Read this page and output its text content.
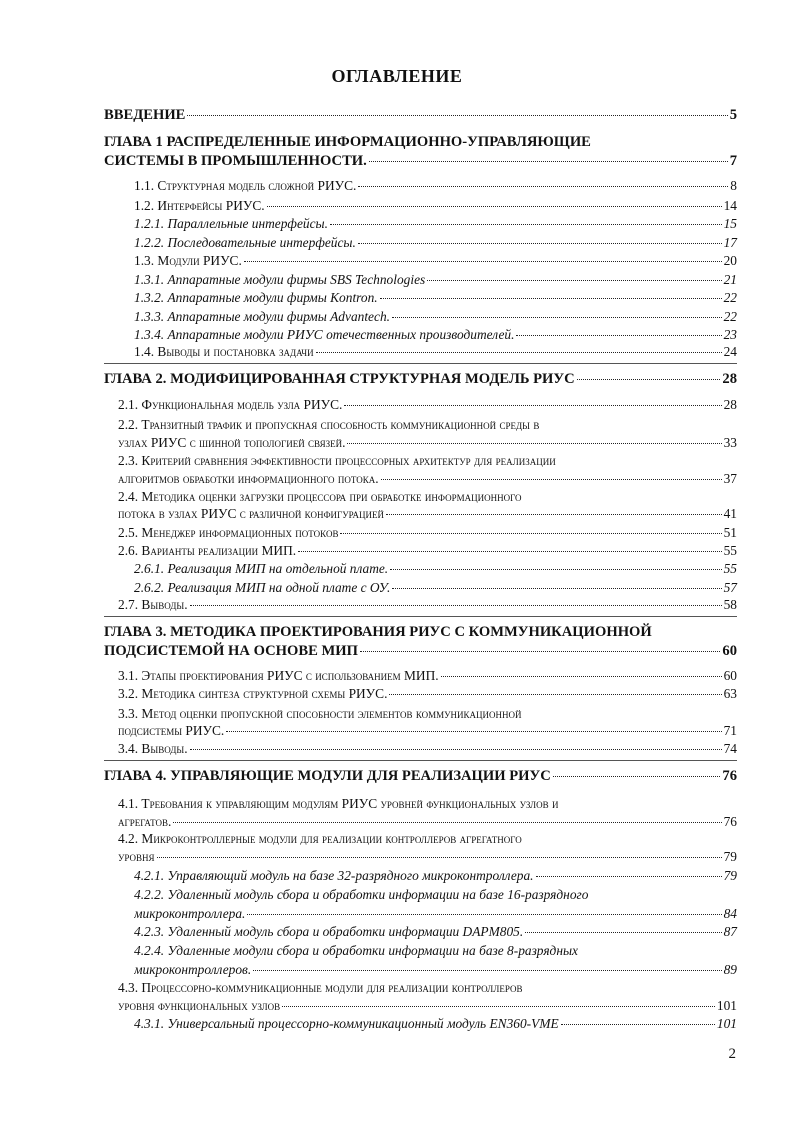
ОГЛАВЛЕНИЕ
ВВЕДЕНИЕ	5
ГЛАВА 1 РАСПРЕДЕЛЕННЫЕ ИНФОРМАЦИОННО-УПРАВЛЯЮЩИЕ
СИСТЕМЫ В ПРОМЫШЛЕННОСТИ.	7
1.1. Структурная модель сложной РИУС.	8
1.2. Интерфейсы РИУС.	14
1.2.1. Параллельные интерфейсы.	15
1.2.2. Последовательные интерфейсы.	17
1.3. Модули РИУС.	20
1.3.1. Аппаратные модули фирмы SBS Technologies	21
1.3.2. Аппаратные модули фирмы Kontron.	22
1.3.3. Аппаратные модули фирмы Advantech.	22
1.3.4. Аппаратные модули РИУС отечественных производителей.	23
1.4. Выводы и постановка задачи	24
ГЛАВА 2. МОДИФИЦИРОВАННАЯ СТРУКТУРНАЯ МОДЕЛЬ РИУС	28
2.1. Функциональная модель узла РИУС.	28
2.2. Транзитный трафик и пропускная способность коммуникационной среды в
узлах РИУС с шинной топологией связей.	33
2.3. Критерий сравнения эффективности процессорных архитектур для реализации
алгоритмов обработки информационного потока.	37
2.4. Методика оценки загрузки процессора при обработке информационного
потока в узлах РИУС с различной конфигурацией	41
2.5. Менеджер информационных потоков	51
2.6. Варианты реализации МИП.	55
2.6.1. Реализация МИП на отдельной плате.	55
2.6.2. Реализация МИП на одной плате с ОУ.	57
2.7. Выводы.	58
ГЛАВА 3. МЕТОДИКА ПРОЕКТИРОВАНИЯ РИУС С КОММУНИКАЦИОННОЙ
ПОДСИСТЕМОЙ НА ОСНОВЕ МИП	60
3.1. Этапы проектирования РИУС с использованием МИП.	60
3.2. Методика синтеза структурной схемы РИУС.	63
3.3. Метод оценки пропускной способности элементов коммуникационной
подсистемы РИУС.	71
3.4. Выводы.	74
ГЛАВА 4. УПРАВЛЯЮЩИЕ МОДУЛИ ДЛЯ РЕАЛИЗАЦИИ РИУС	76
4.1. Требования к управляющим модулям РИУС уровней функциональных узлов и
агрегатов.	76
4.2. Микроконтроллерные модули для реализации контроллеров агрегатного
уровня	79
4.2.1. Управляющий модуль на базе 32-разрядного микроконтроллера.	79
4.2.2. Удаленный модуль сбора и обработки информации на базе 16-разрядного
микроконтроллера.	84
4.2.3. Удаленный модуль сбора и обработки информации DAPM805.	87
4.2.4. Удаленные модули сбора и обработки информации на базе 8-разрядных
микроконтроллеров.	89
4.3. Процессорно-коммуникационные модули для реализации контроллеров
уровня функциональных узлов	101
4.3.1. Универсальный процессорно-коммуникационный модуль EN360-VME	101
2
